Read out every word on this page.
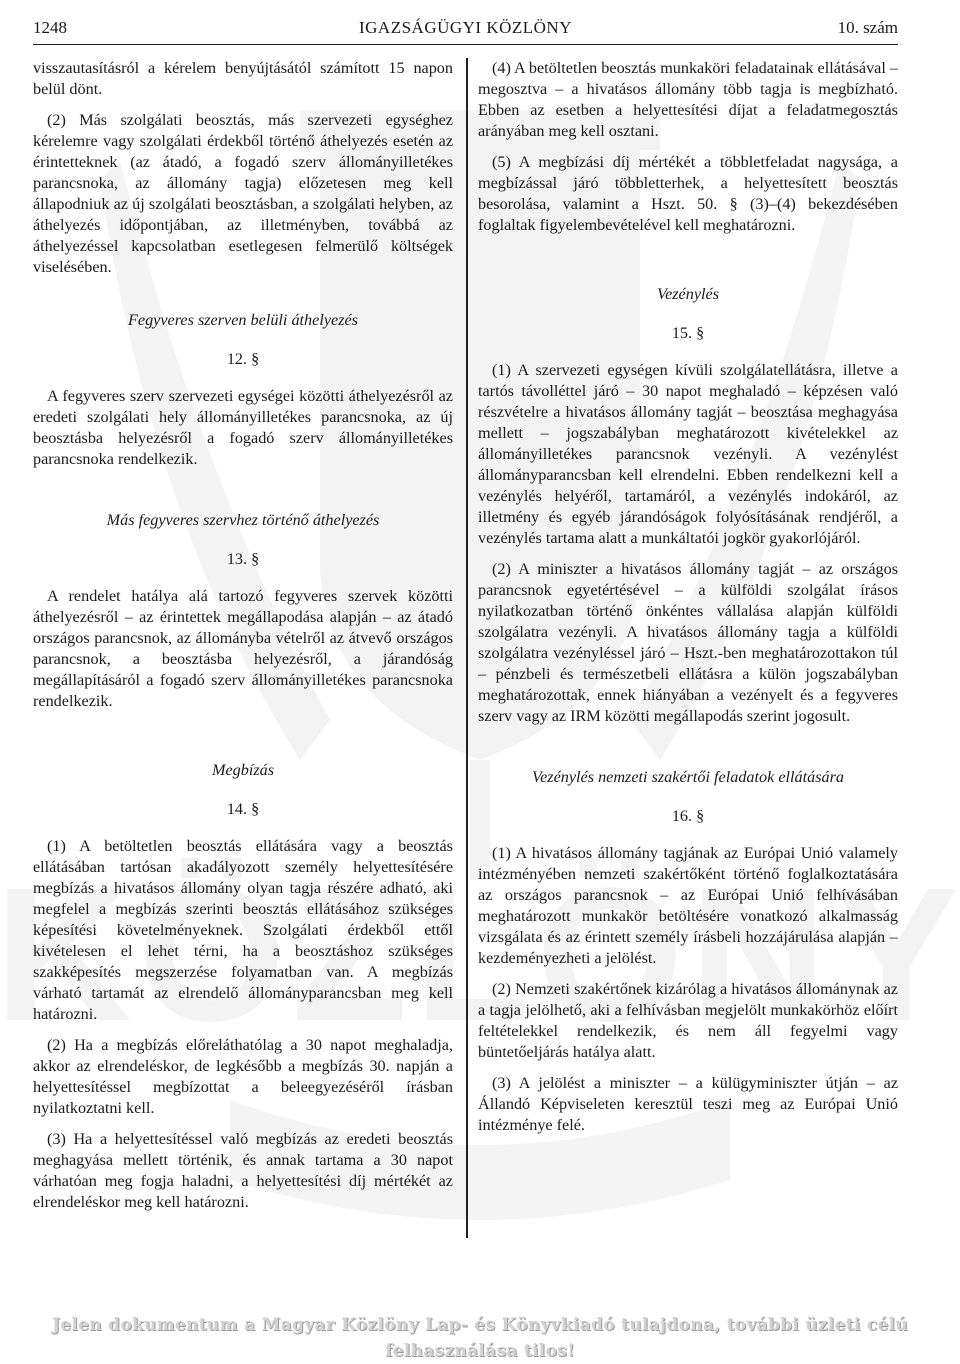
1248	IGAZSÁGÜGYI KÖZLÖNY	10. szám

visszautasításról a kérelem benyújtásától számított 15 napon belül dönt.

(2) Más szolgálati beosztás, más szervezeti egységhez kérelemre vagy szolgálati érdekből történő áthelyezés esetén az érintetteknek (az átadó, a fogadó szerv állományilletékes parancsnoka, az állomány tagja) előzetesen meg kell állapodniuk az új szolgálati beosztásban, a szolgálati helyben, az áthelyezés időpontjában, az illetményben, továbbá az áthelyezéssel kapcsolatban esetlegesen felmerülő költségek viselésében.

Fegyveres szerven belüli áthelyezés
12. §

A fegyveres szerv szervezeti egységei közötti áthelyezésről az eredeti szolgálati hely állományilletékes parancsnoka, az új beosztásba helyezésről a fogadó szerv állományilletékes parancsnoka rendelkezik.

Más fegyveres szervhez történő áthelyezés
13. §

A rendelet hatálya alá tartozó fegyveres szervek közötti áthelyezésről – az érintettek megállapodása alapján – az átadó országos parancsnok, az állományba vételről az átvevő országos parancsnok, a beosztásba helyezésről, a járandóság megállapításáról a fogadó szerv állományilletékes parancsnoka rendelkezik.

Megbízás
14. §

(1) A betöltetlen beosztás ellátására vagy a beosztás ellátásában tartósan akadályozott személy helyettesítésére megbízás a hivatásos állomány olyan tagja részére adható, aki megfelel a megbízás szerinti beosztás ellátásához szükséges képesítési követelményeknek. Szolgálati érdekből ettől kivételesen el lehet térni, ha a beosztáshoz szükséges szakképesítés megszerzése folyamatban van. A megbízás várható tartamát az elrendelő állományparancsban meg kell határozni.

(2) Ha a megbízás előreláthatólag a 30 napot meghaladja, akkor az elrendeléskor, de legkésőbb a megbízás 30. napján a helyettesítéssel megbízottat a beleegyezéséről írásban nyilatkoztatni kell.

(3) Ha a helyettesítéssel való megbízás az eredeti beosztás meghagyása mellett történik, és annak tartama a 30 napot várhatóan meg fogja haladni, a helyettesítési díj mértékét az elrendeléskor meg kell határozni.

(4) A betöltetlen beosztás munkaköri feladatainak ellátásával – megosztva – a hivatásos állomány több tagja is megbízható. Ebben az esetben a helyettesítési díjat a feladatmegosztás arányában meg kell osztani.

(5) A megbízási díj mértékét a többletfeladat nagysága, a megbízással járó többletterhek, a helyettesített beosztás besorolása, valamint a Hszt. 50. § (3)–(4) bekezdésében foglaltak figyelembevételével kell meghatározni.

Vezénylés
15. §

(1) A szervezeti egységen kívüli szolgálatellátásra, illetve a tartós távolléttel járó – 30 napot meghaladó – képzésen való részvételre a hivatásos állomány tagját – beosztása meghagyása mellett – jogszabályban meghatározott kivételekkel az állományilletékes parancsnok vezényli. A vezénylést állományparancsban kell elrendelni. Ebben rendelkezni kell a vezénylés helyéről, tartamáról, a vezénylés indokáról, az illetmény és egyéb járandóságok folyósításának rendjéről, a vezénylés tartama alatt a munkáltatói jogkör gyakorlójáról.

(2) A miniszter a hivatásos állomány tagját – az országos parancsnok egyetértésével – a külföldi szolgálat írásos nyilatkozatban történő önkéntes vállalása alapján külföldi szolgálatra vezényli. A hivatásos állomány tagja a külföldi szolgálatra vezényléssel járó – Hszt.-ben meghatározottakon túl – pénzbeli és természetbeli ellátásra a külön jogszabályban meghatározottak, ennek hiányában a vezényelt és a fegyveres szerv vagy az IRM közötti megállapodás szerint jogosult.

Vezénylés nemzeti szakértői feladatok ellátására
16. §

(1) A hivatásos állomány tagjának az Európai Unió valamely intézményében nemzeti szakértőként történő foglalkoztatására az országos parancsnok – az Európai Unió felhívásában meghatározott munkakör betöltésére vonatkozó alkalmasság vizsgálata és az érintett személy írásbeli hozzájárulása alapján – kezdeményezheti a jelölést.

(2) Nemzeti szakértőnek kizárólag a hivatásos állománynak az a tagja jelölhető, aki a felhívásban megjelölt munkakörhöz előírt feltételekkel rendelkezik, és nem áll fegyelmi vagy büntetőeljárás hatálya alatt.

(3) A jelölést a miniszter – a külügyminiszter útján – az Állandó Képviseleten keresztül teszi meg az Európai Unió intézménye felé.

Jelen dokumentum a Magyar Közlöny Lap- és Könyvkiadó tulajdona, további üzleti célú felhasználása tilos!
